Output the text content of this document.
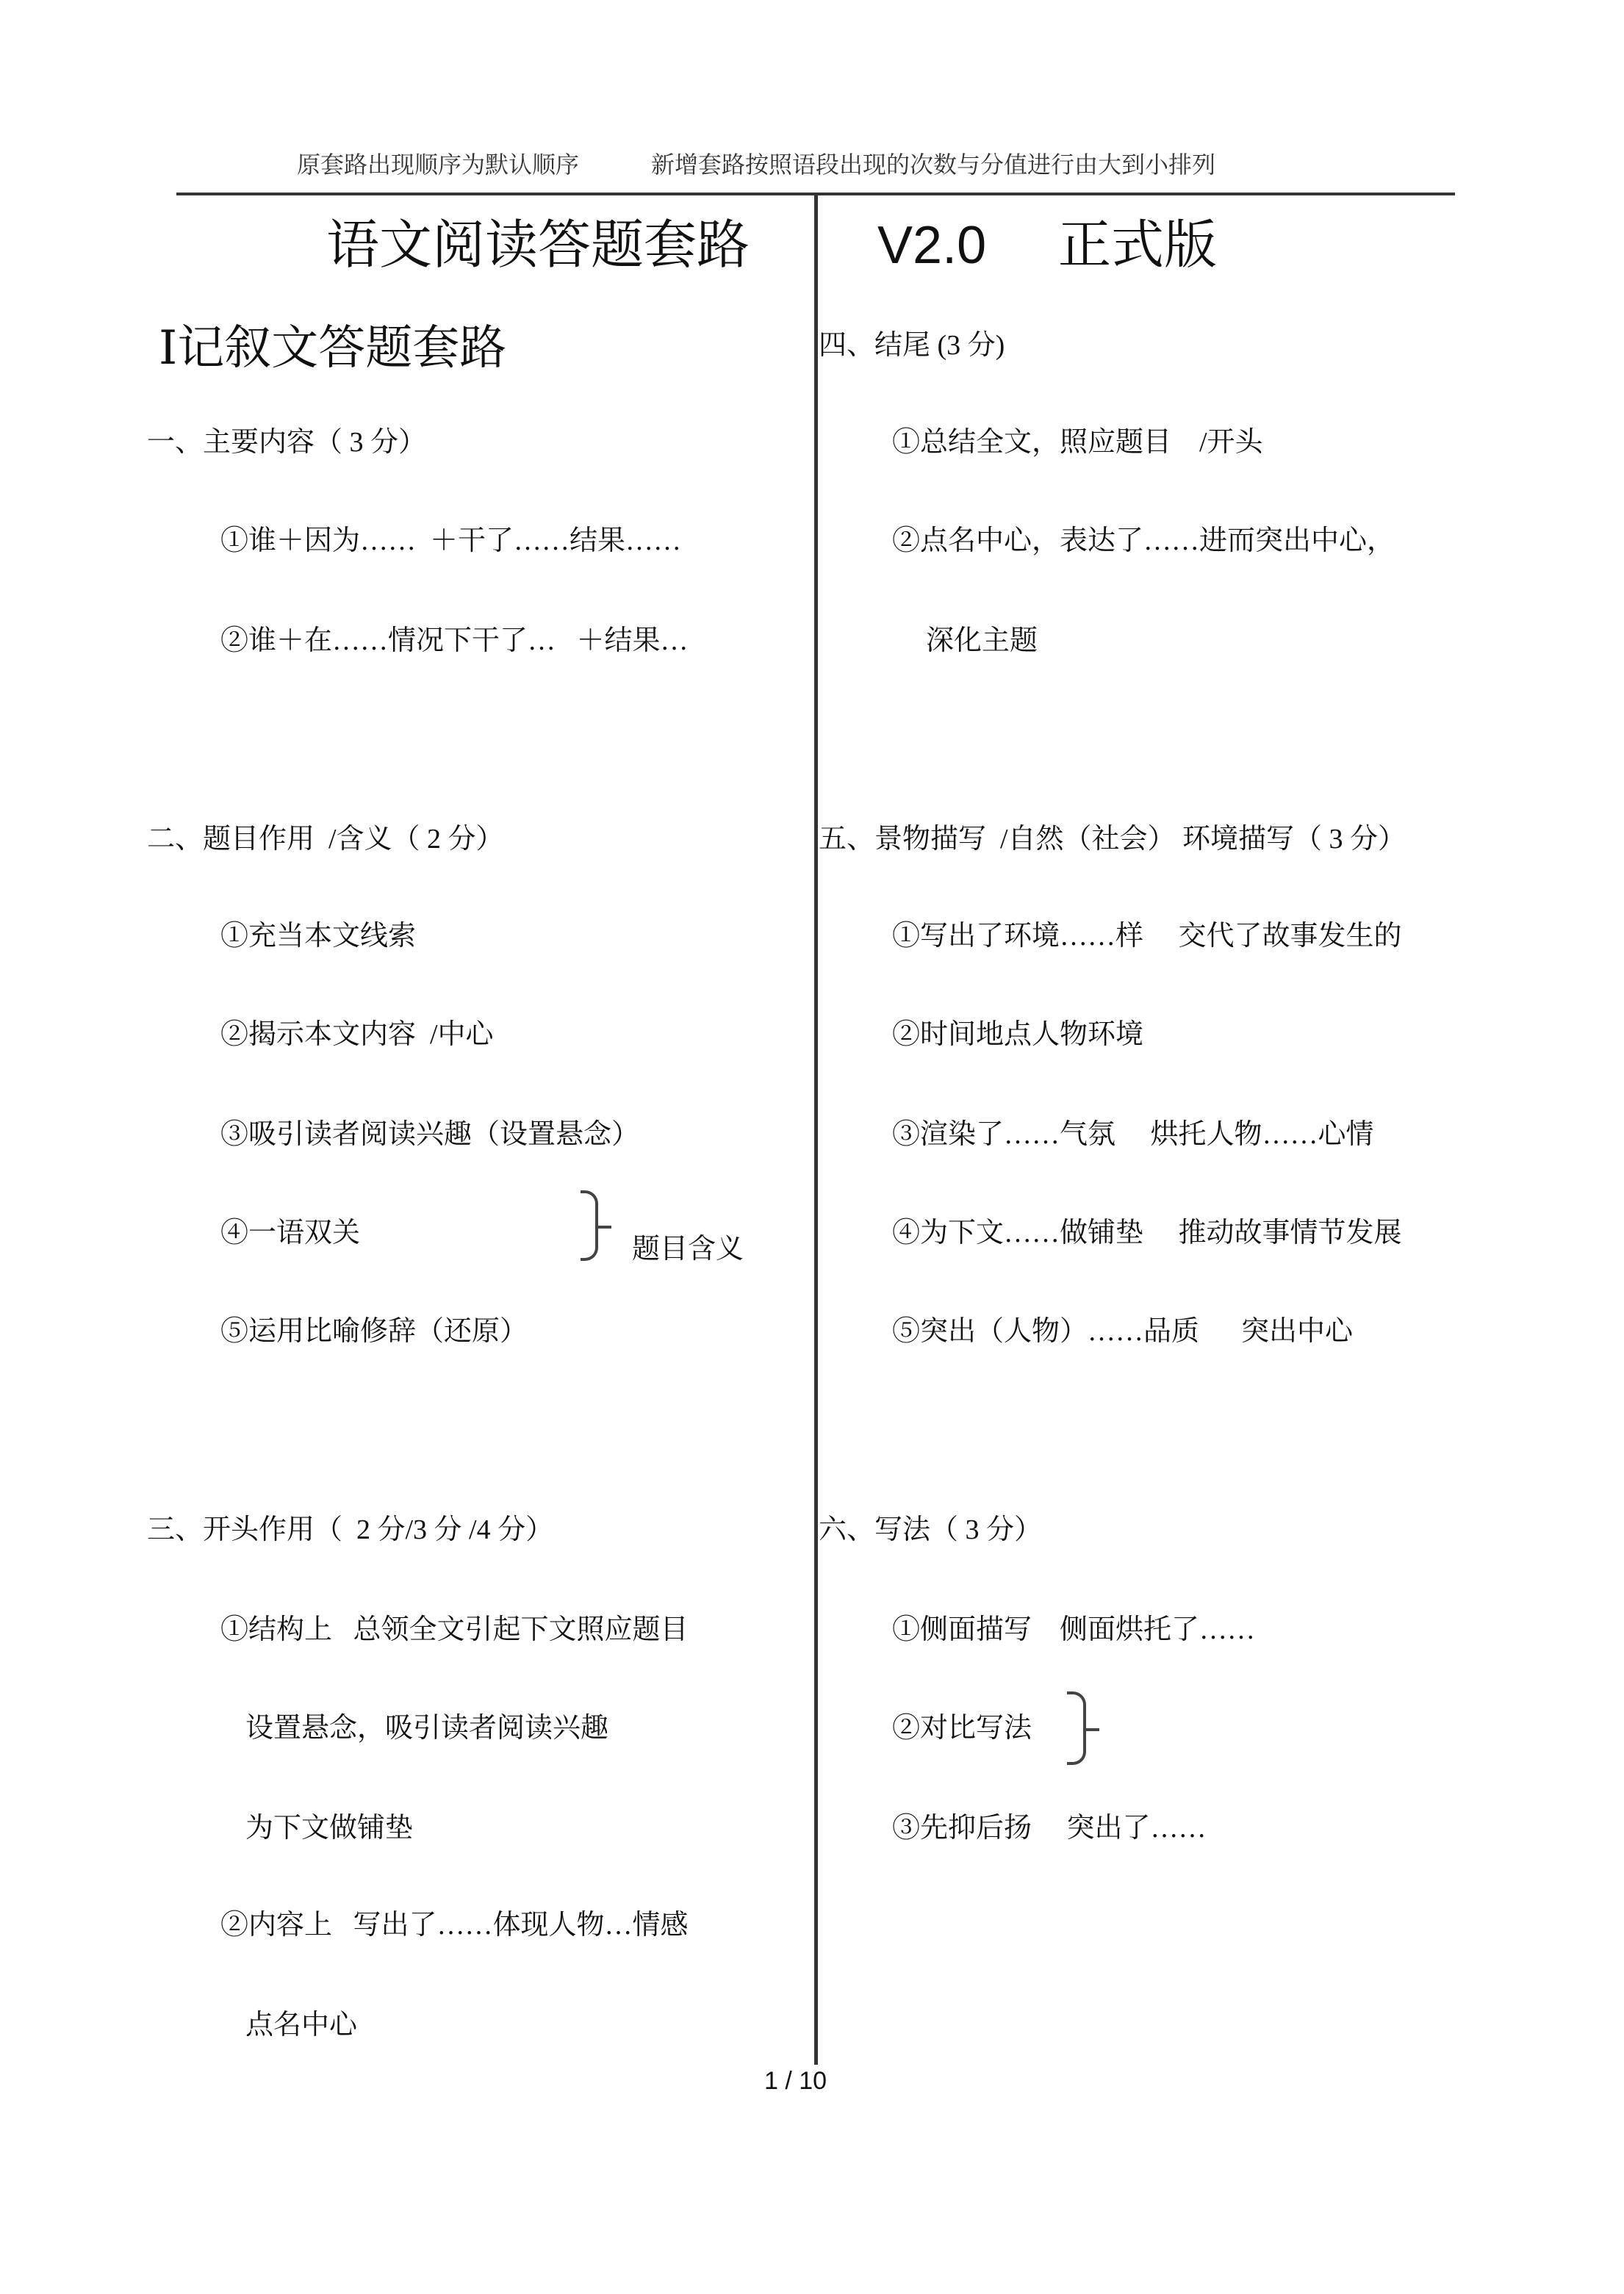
原套路出现顺序为默认顺序	新增套路按照语段出现的次数与分值进行由大到小排列
语文阅读答题套路 V2.0 正式版
Ⅰ记叙文答题套路
一、主要内容（ 3 分）
①谁＋因为……  ＋干了……结果……
②谁＋在……情况下干了…   ＋结果…
二、题目作用  /含义（ 2 分）
①充当本文线索
②揭示本文内容  /中心
③吸引读者阅读兴趣（设置悬念）
④一语双关
题目含义
⑤运用比喻修辞（还原）
三、开头作用（  2 分/3 分 /4 分）
①结构上   总领全文引起下文照应题目
设置悬念，吸引读者阅读兴趣
为下文做铺垫
②内容上   写出了……体现人物…情感
点名中心
四、结尾 (3 分)
①总结全文，照应题目    /开头
②点名中心，表达了……进而突出中心，
深化主题
五、景物描写  /自然（社会） 环境描写（ 3 分）
①写出了环境……样     交代了故事发生的
②时间地点人物环境
③渲染了……气氛     烘托人物……心情
④为下文……做铺垫     推动故事情节发展
⑤突出（人物）……品质      突出中心
六、写法（ 3 分）
①侧面描写    侧面烘托了……
②对比写法
③先抑后扬     突出了……
1 / 10
